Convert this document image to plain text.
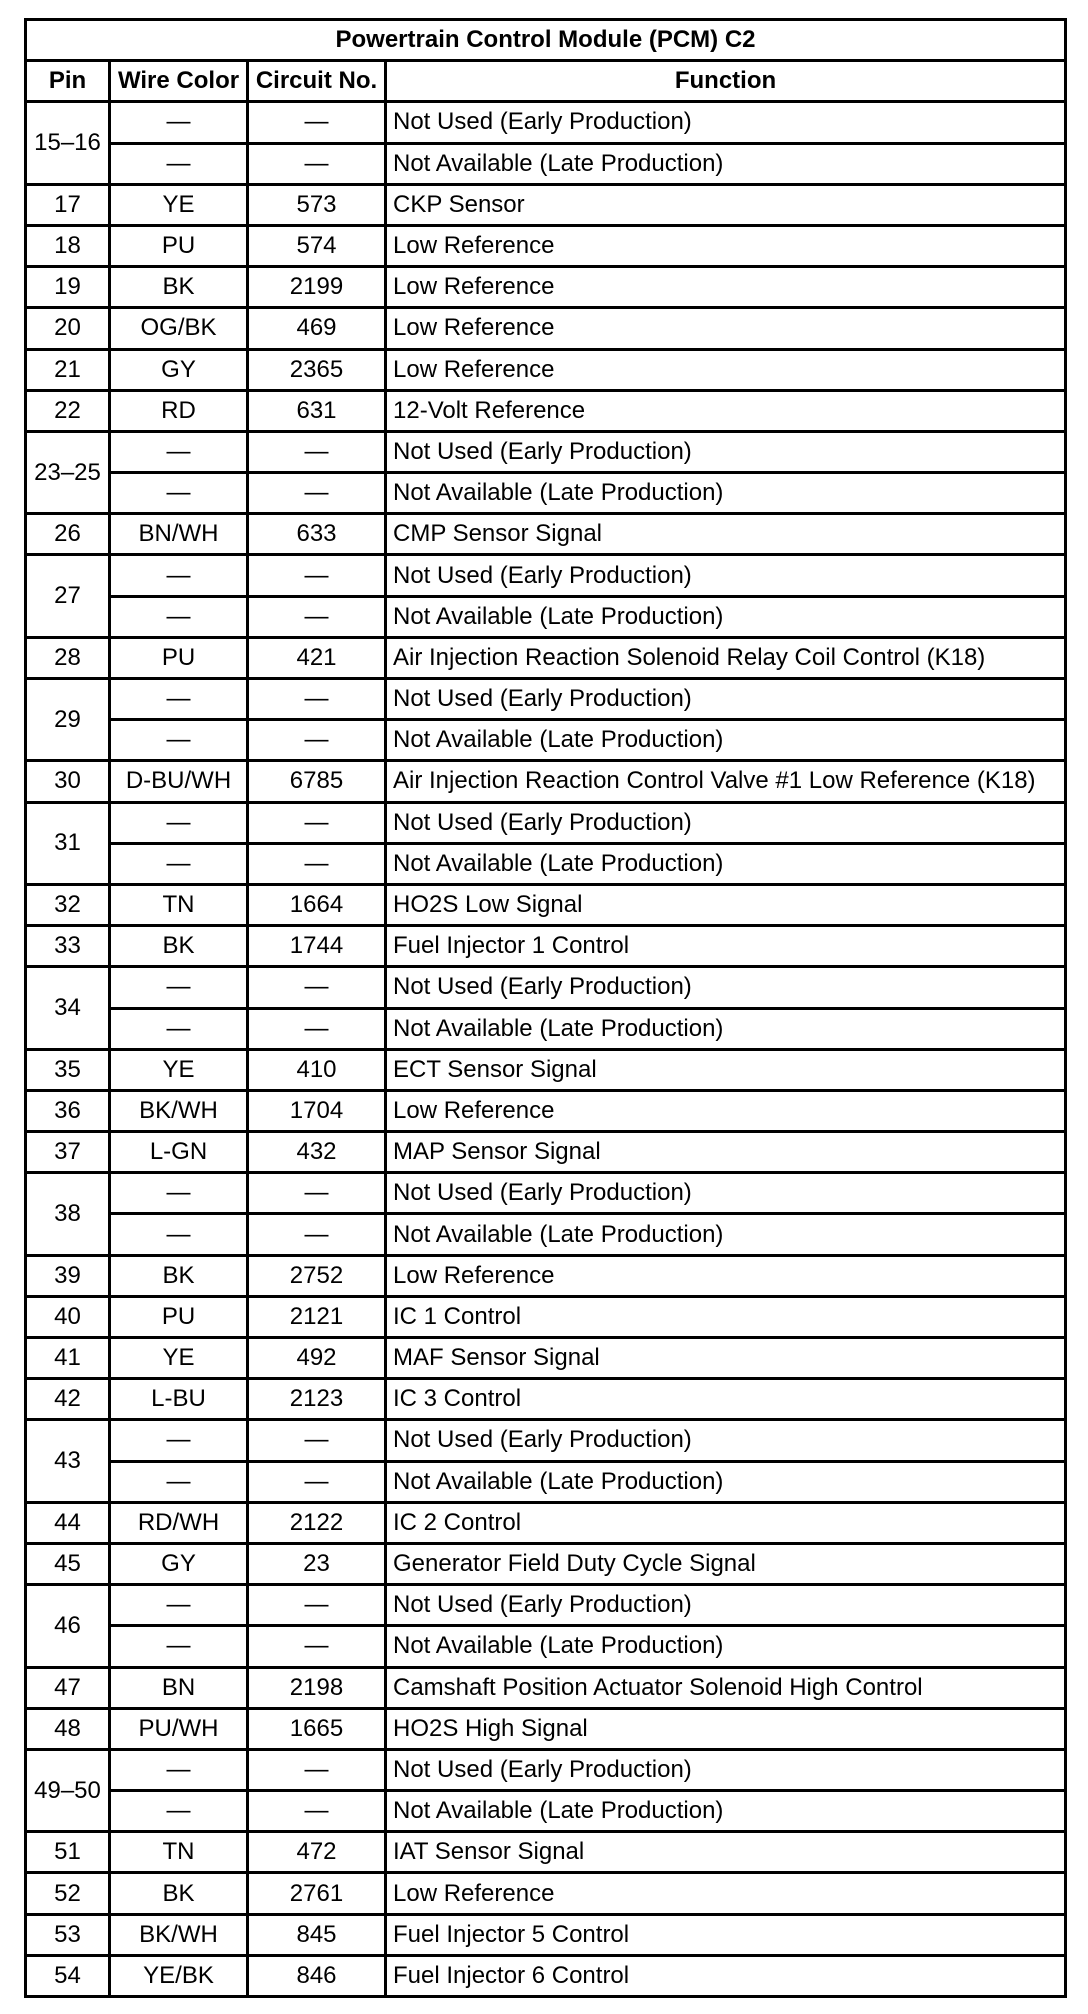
Powertrain Control Module (PCM) C2			
Pin	Wire Color	Circuit No.	Function
15–16	—	—	Not Used (Early Production)
	—	—	Not Available (Late Production)
17	YE	573	CKP Sensor
18	PU	574	Low Reference
19	BK	2199	Low Reference
20	OG/BK	469	Low Reference
21	GY	2365	Low Reference
22	RD	631	12-Volt Reference
23–25	—	—	Not Used (Early Production)
	—	—	Not Available (Late Production)
26	BN/WH	633	CMP Sensor Signal
27	—	—	Not Used (Early Production)
	—	—	Not Available (Late Production)
28	PU	421	Air Injection Reaction Solenoid Relay Coil Control (K18)
29	—	—	Not Used (Early Production)
	—	—	Not Available (Late Production)
30	D-BU/WH	6785	Air Injection Reaction Control Valve #1 Low Reference (K18)
31	—	—	Not Used (Early Production)
	—	—	Not Available (Late Production)
32	TN	1664	HO2S Low Signal
33	BK	1744	Fuel Injector 1 Control
34	—	—	Not Used (Early Production)
	—	—	Not Available (Late Production)
35	YE	410	ECT Sensor Signal
36	BK/WH	1704	Low Reference
37	L-GN	432	MAP Sensor Signal
38	—	—	Not Used (Early Production)
	—	—	Not Available (Late Production)
39	BK	2752	Low Reference
40	PU	2121	IC 1 Control
41	YE	492	MAF Sensor Signal
42	L-BU	2123	IC 3 Control
43	—	—	Not Used (Early Production)
	—	—	Not Available (Late Production)
44	RD/WH	2122	IC 2 Control
45	GY	23	Generator Field Duty Cycle Signal
46	—	—	Not Used (Early Production)
	—	—	Not Available (Late Production)
47	BN	2198	Camshaft Position Actuator Solenoid High Control
48	PU/WH	1665	HO2S High Signal
49–50	—	—	Not Used (Early Production)
	—	—	Not Available (Late Production)
51	TN	472	IAT Sensor Signal
52	BK	2761	Low Reference
53	BK/WH	845	Fuel Injector 5 Control
54	YE/BK	846	Fuel Injector 6 Control
